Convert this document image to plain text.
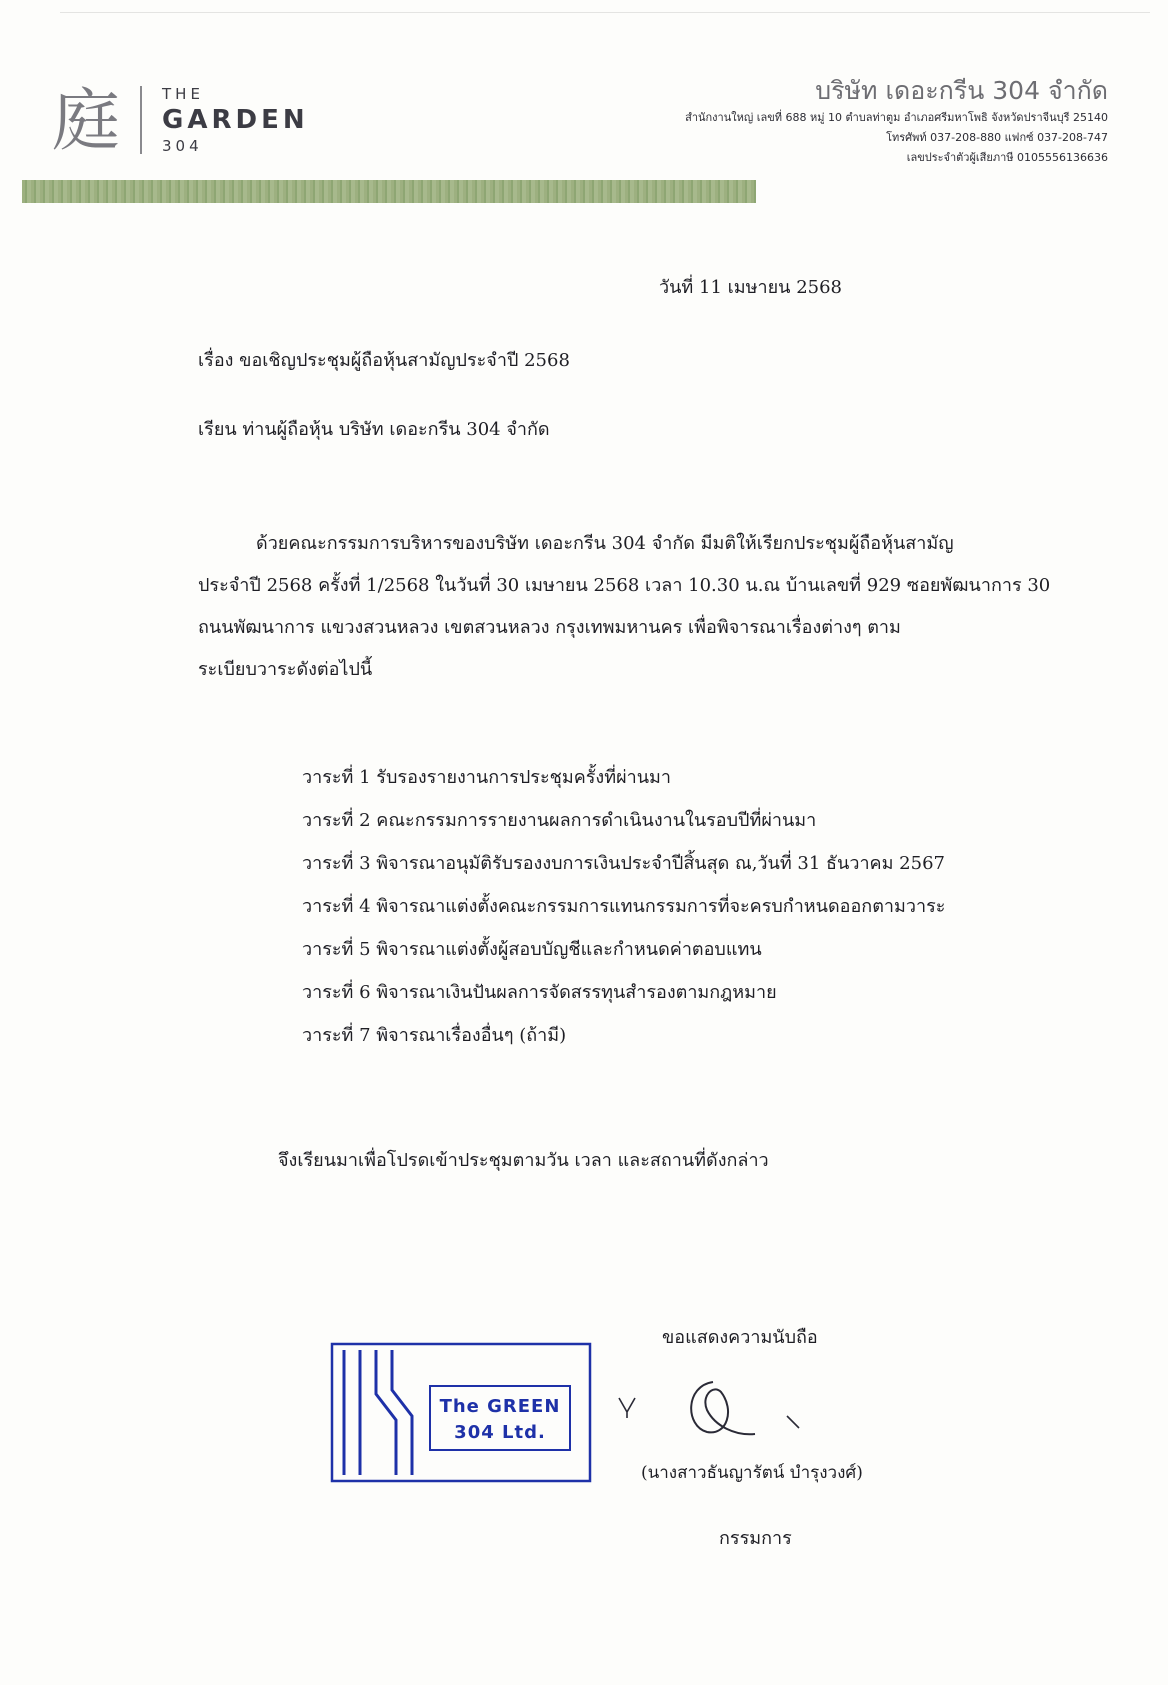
庭	THE
GARDEN
304
บริษัท เดอะกรีน 304 จำกัด
สำนักงานใหญ่ เลขที่ 688 หมู่ 10 ตำบลท่าตูม อำเภอศรีมหาโพธิ จังหวัดปราจีนบุรี 25140
โทรศัพท์ 037-208-880 แฟกซ์ 037-208-747
เลขประจำตัวผู้เสียภาษี 0105556136636
วันที่ 11 เมษายน 2568
เรื่อง ขอเชิญประชุมผู้ถือหุ้นสามัญประจำปี 2568
เรียน ท่านผู้ถือหุ้น บริษัท เดอะกรีน 304 จำกัด
ด้วยคณะกรรมการบริหารของบริษัท เดอะกรีน 304 จำกัด มีมติให้เรียกประชุมผู้ถือหุ้นสามัญ
ประจำปี 2568 ครั้งที่ 1/2568 ในวันที่ 30 เมษายน 2568 เวลา 10.30 น.ณ บ้านเลขที่ 929 ซอยพัฒนาการ 30
ถนนพัฒนาการ แขวงสวนหลวง เขตสวนหลวง กรุงเทพมหานคร เพื่อพิจารณาเรื่องต่างๆ ตาม
ระเบียบวาระดังต่อไปนี้
วาระที่ 1 รับรองรายงานการประชุมครั้งที่ผ่านมา
วาระที่ 2 คณะกรรมการรายงานผลการดำเนินงานในรอบปีที่ผ่านมา
วาระที่ 3 พิจารณาอนุมัติรับรองงบการเงินประจำปีสิ้นสุด ณ,วันที่ 31 ธันวาคม 2567
วาระที่ 4 พิจารณาแต่งตั้งคณะกรรมการแทนกรรมการที่จะครบกำหนดออกตามวาระ
วาระที่ 5 พิจารณาแต่งตั้งผู้สอบบัญชีและกำหนดค่าตอบแทน
วาระที่ 6 พิจารณาเงินปันผลการจัดสรรทุนสำรองตามกฎหมาย
วาระที่ 7 พิจารณาเรื่องอื่นๆ (ถ้ามี)
จึงเรียนมาเพื่อโปรดเข้าประชุมตามวัน เวลา และสถานที่ดังกล่าว
ขอแสดงความนับถือ
The GREEN
304 Ltd.
(นางสาวธันญารัตน์ บำรุงวงศ์)
กรรมการ
